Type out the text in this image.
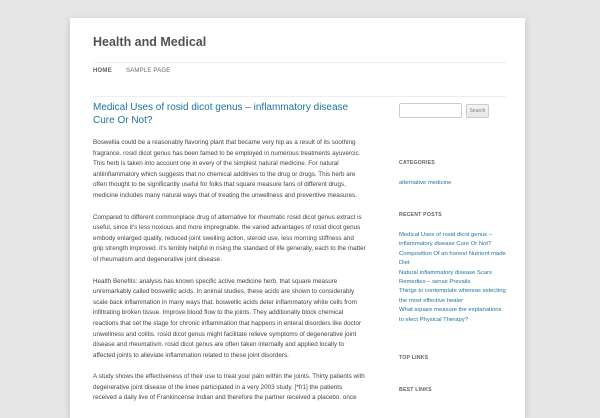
Health and Medical
HOME SAMPLE PAGE
Medical Uses of rosid dicot genus – inflammatory disease Cure Or Not?

Boswellia could be a reasonably flavoring plant that became very hip as a result of its soothing fragrance. rosid dicot genus has been famed to be employed in numerous treatments ayuvercic. This herb is taken into account one in every of the simplest natural medicine. For natural antiinflammatory which suggests that no chemical additives to the drug or drugs. This herb are often thought to be significantly useful for folks that square measure fans of different drugs, medicine includes many natural ways that of treating the unwellness and preventive measures.

Compared to different commonplace drug of alternative for rheumatic rosid dicot genus extract is useful, since it's less noxious and more impregnable. the varied advantages of rosid dicot genus embody enlarged quality, reduced joint swelling action, steroid use, less morning stiffness and grip strength improved. it's terribly helpful in rising the standard of life generally, each to the matter of rheumatism and degenerative joint disease.

Health Benefits: analysis has known specific active medicine herb, that square measure unremarkably called boswellic acids. In animal studies, these acids are shown to considerably scale back inflammation in many ways that. boswellic acids deter inflammatory white cells from infiltrating broken tissue. Improve blood flow to the joints. They additionally block chemical reactions that set the stage for chronic inflammation that happens in enteral disorders like doctor unwellness and colitis. rosid dicot genus might facilitate relieve symptoms of degenerative joint disease and rheumatism. rosid dicot genus are often taken internally and applied locally to affected joints to alleviate inflammation related to these joint disorders.

A study shows the effectiveness of their use to treat your pain within the joints. Thirty patients with degenerative joint disease of the knee participated in a very 2003 study. [*fr1] the patients received a daily live of Frankincense Indian and therefore the partner received a placebo. once

Search
CATEGORIES
alternative medicine
RECENT POSTS
Medical Uses of rosid dicot genus – inflammatory disease Cure Or Not?
Composition Of an honest Nutrient made Diet
Natural inflammatory disease Scars Remedies – sense Prevails
Things to contemplate whereas selecting the most effective healer
What square measure the explanations to elect Physical Therapy?
TOP LINKS
BEST LINKS
